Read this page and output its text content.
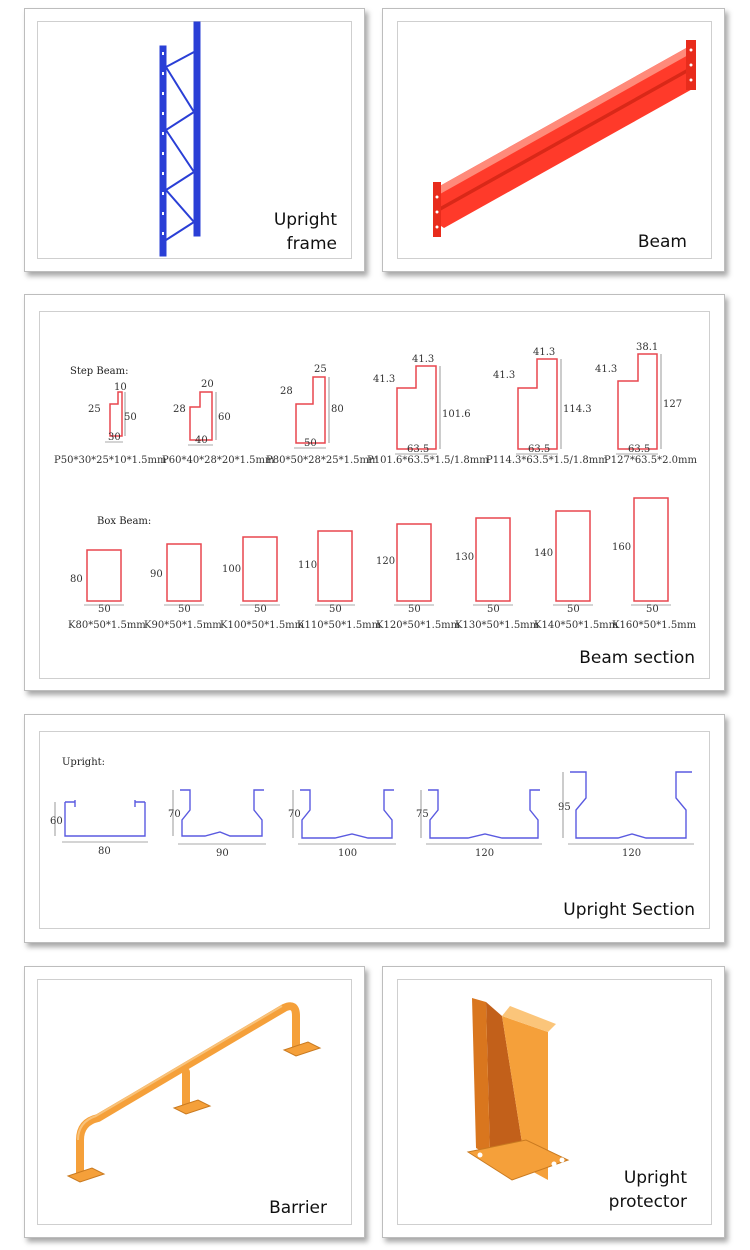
Upright
frame	Beam
Step Beam:
Box Beam:
25
10
50
30
P50*30*25*10*1.5mm
28
20
60
40
P60*40*28*20*1.5mm
28
25
80
50
P80*50*28*25*1.5mm
41.3
41.3
101.6
63.5
P101.6*63.5*1.5/1.8mm
41.3
41.3
114.3
63.5
P114.3*63.5*1.5/1.8mm
41.3
38.1
127
63.5
P127*63.5*2.0mm
80
50
K80*50*1.5mm
90
50
K90*50*1.5mm
100
50
K100*50*1.5mm
110
50
K110*50*1.5mm
120
50
K120*50*1.5mm
130
50
K130*50*1.5mm
140
50
K140*50*1.5mm
160
50
K160*50*1.5mm
Beam section
Upright:
60
80
70
90
70
100
75
120
95
120
Upright Section
Barrier
Upright
protector
